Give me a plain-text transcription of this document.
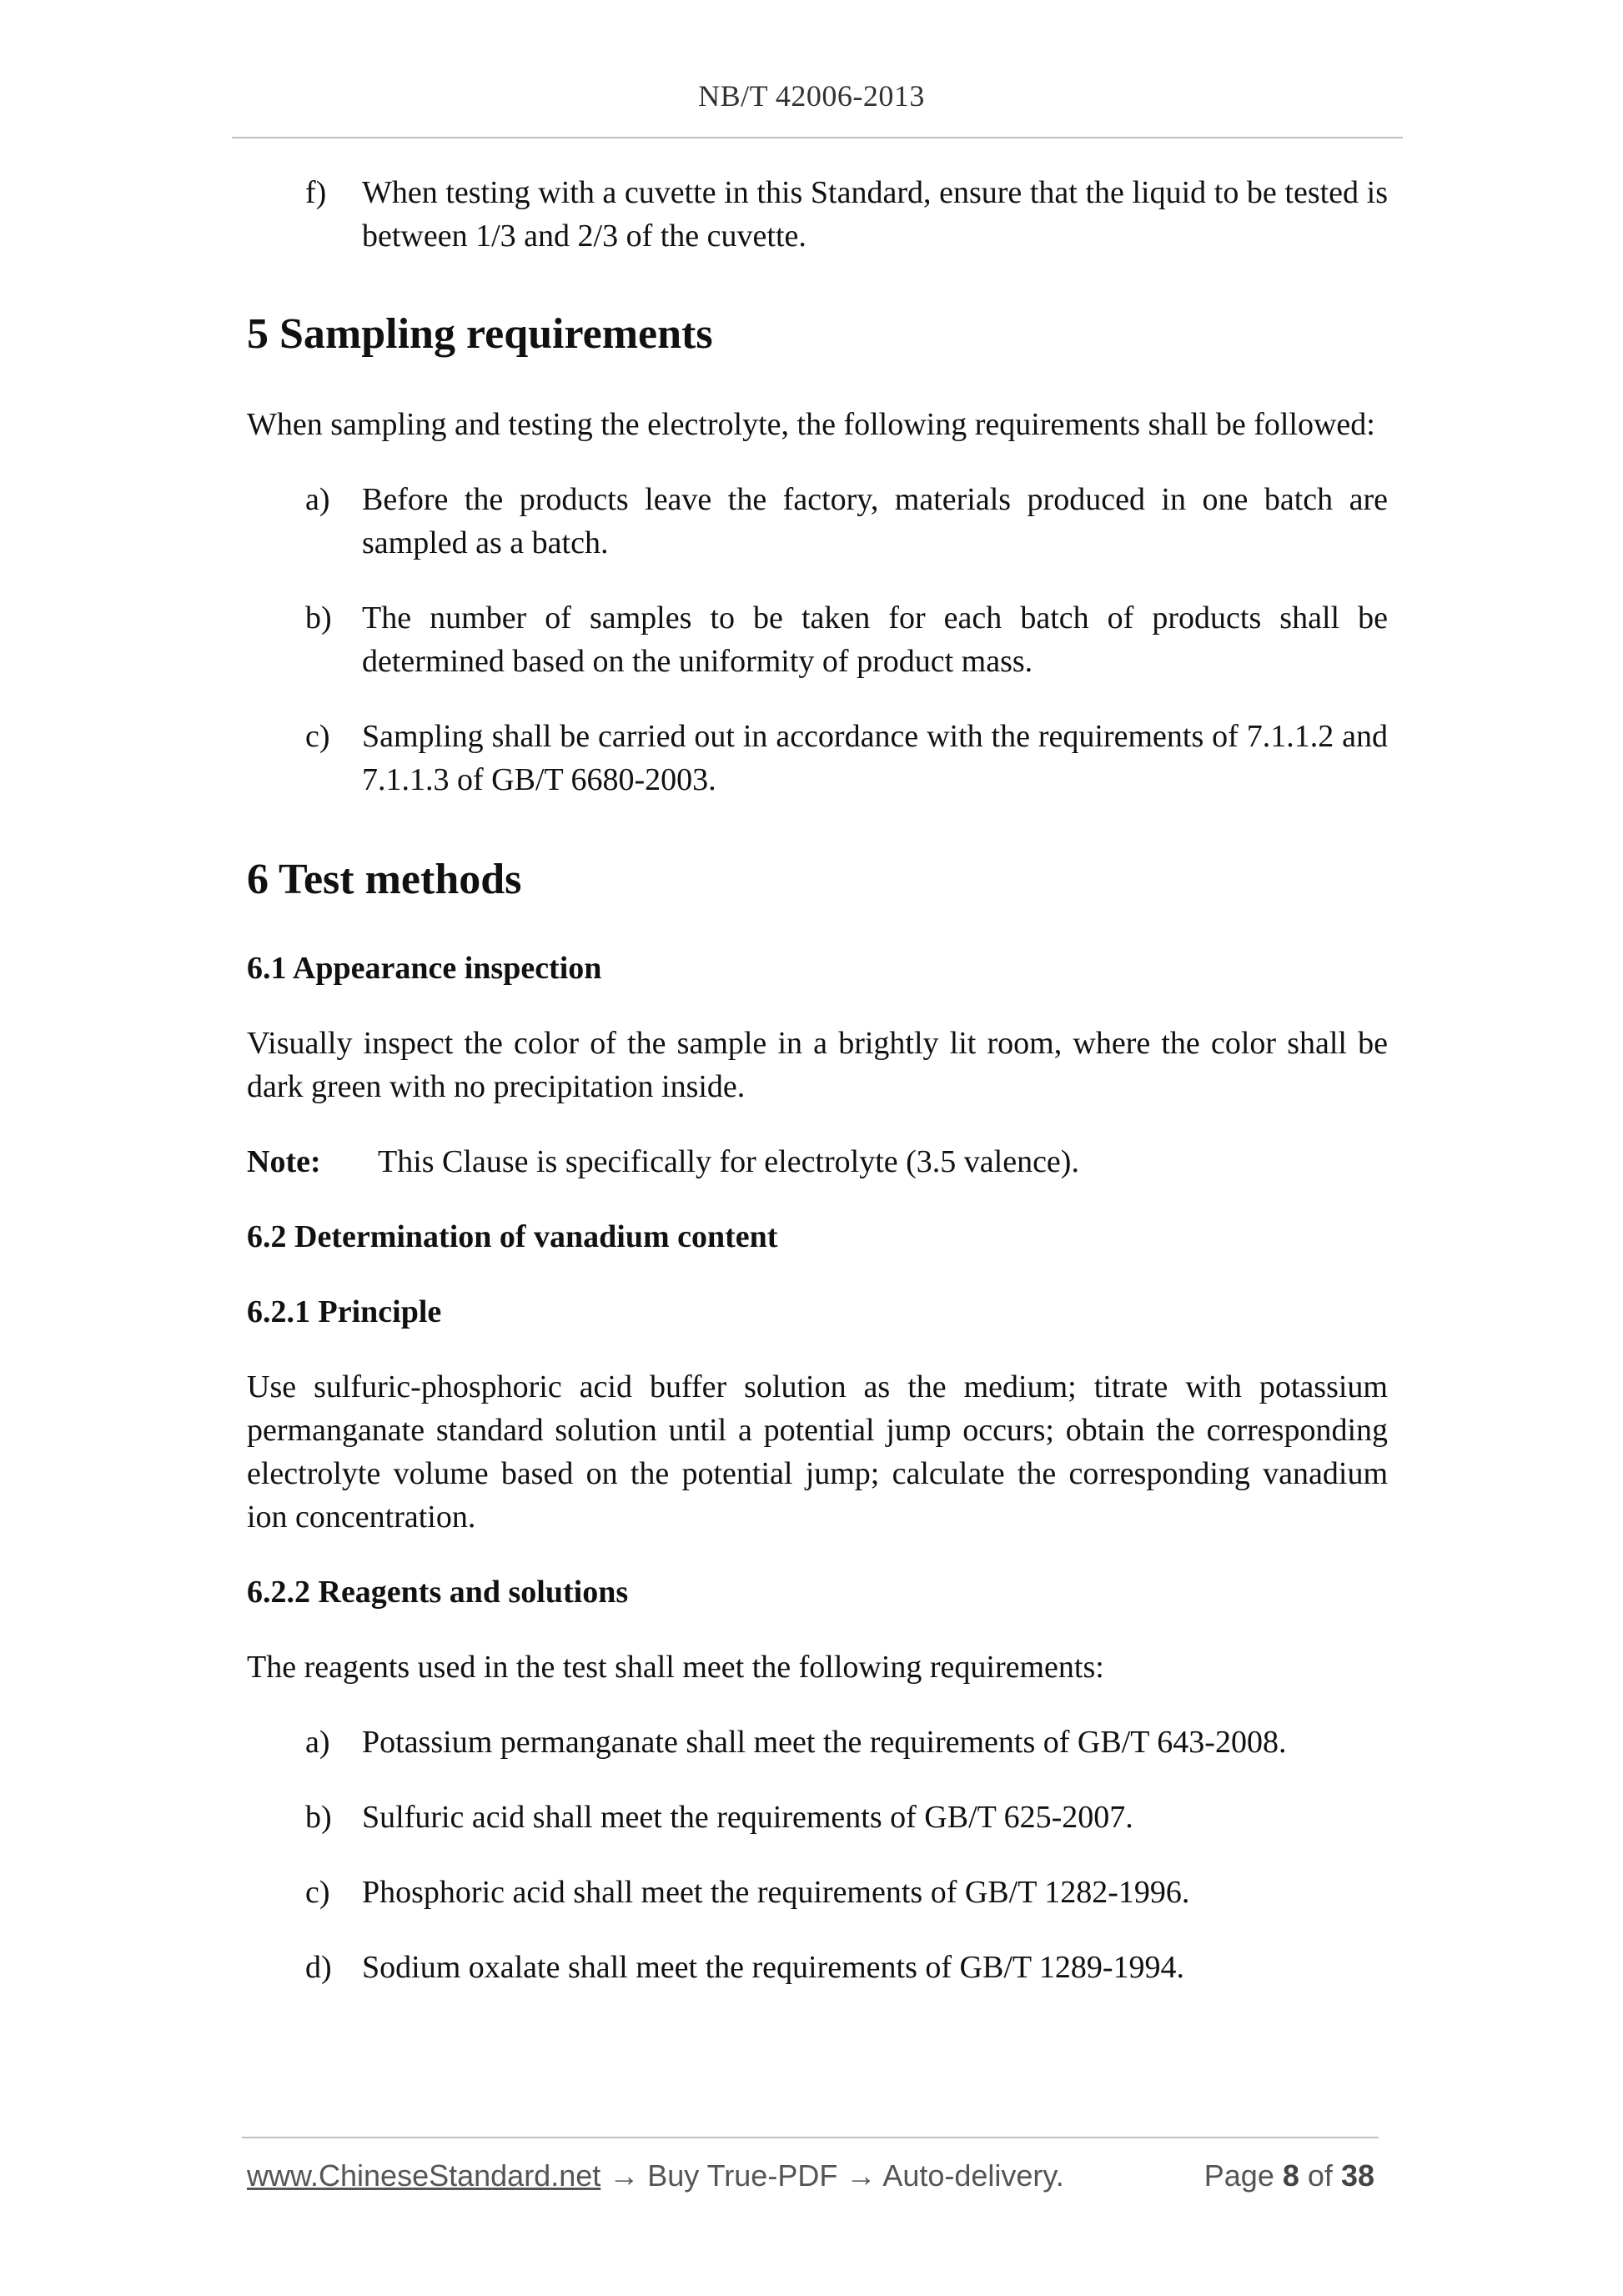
NB/T 42006-2013
f)	When testing with a cuvette in this Standard, ensure that the liquid to be tested is between 1/3 and 2/3 of the cuvette.
5 Sampling requirements

When sampling and testing the electrolyte, the following requirements shall be followed:

a)	Before the products leave the factory, materials produced in one batch are sampled as a batch.
b) The number of samples to be taken for each batch of products shall be determined based on the uniformity of product mass.
c)	Sampling shall be carried out in accordance with the requirements of 7.1.1.2 and 7.1.1.3 of GB/T 6680-2003.
6 Test methods
6.1 Appearance inspection

Visually inspect the color of the sample in a brightly lit room, where the color shall be dark green with no precipitation inside.

Note:	This Clause is specifically for electrolyte (3.5 valence).
6.2 Determination of vanadium content
6.2.1 Principle

Use sulfuric-phosphoric acid buffer solution as the medium; titrate with potassium permanganate standard solution until a potential jump occurs; obtain the corresponding electrolyte volume based on the potential jump; calculate the corresponding vanadium ion concentration.

6.2.2 Reagents and solutions

The reagents used in the test shall meet the following requirements:

a)	Potassium permanganate shall meet the requirements of GB/T 643-2008.
b) Sulfuric acid shall meet the requirements of GB/T 625-2007.
c)	Phosphoric acid shall meet the requirements of GB/T 1282-1996.
d) Sodium oxalate shall meet the requirements of GB/T 1289-1994.
www.ChineseStandard.net → Buy True-PDF → Auto-delivery.	Page 8 of 38
